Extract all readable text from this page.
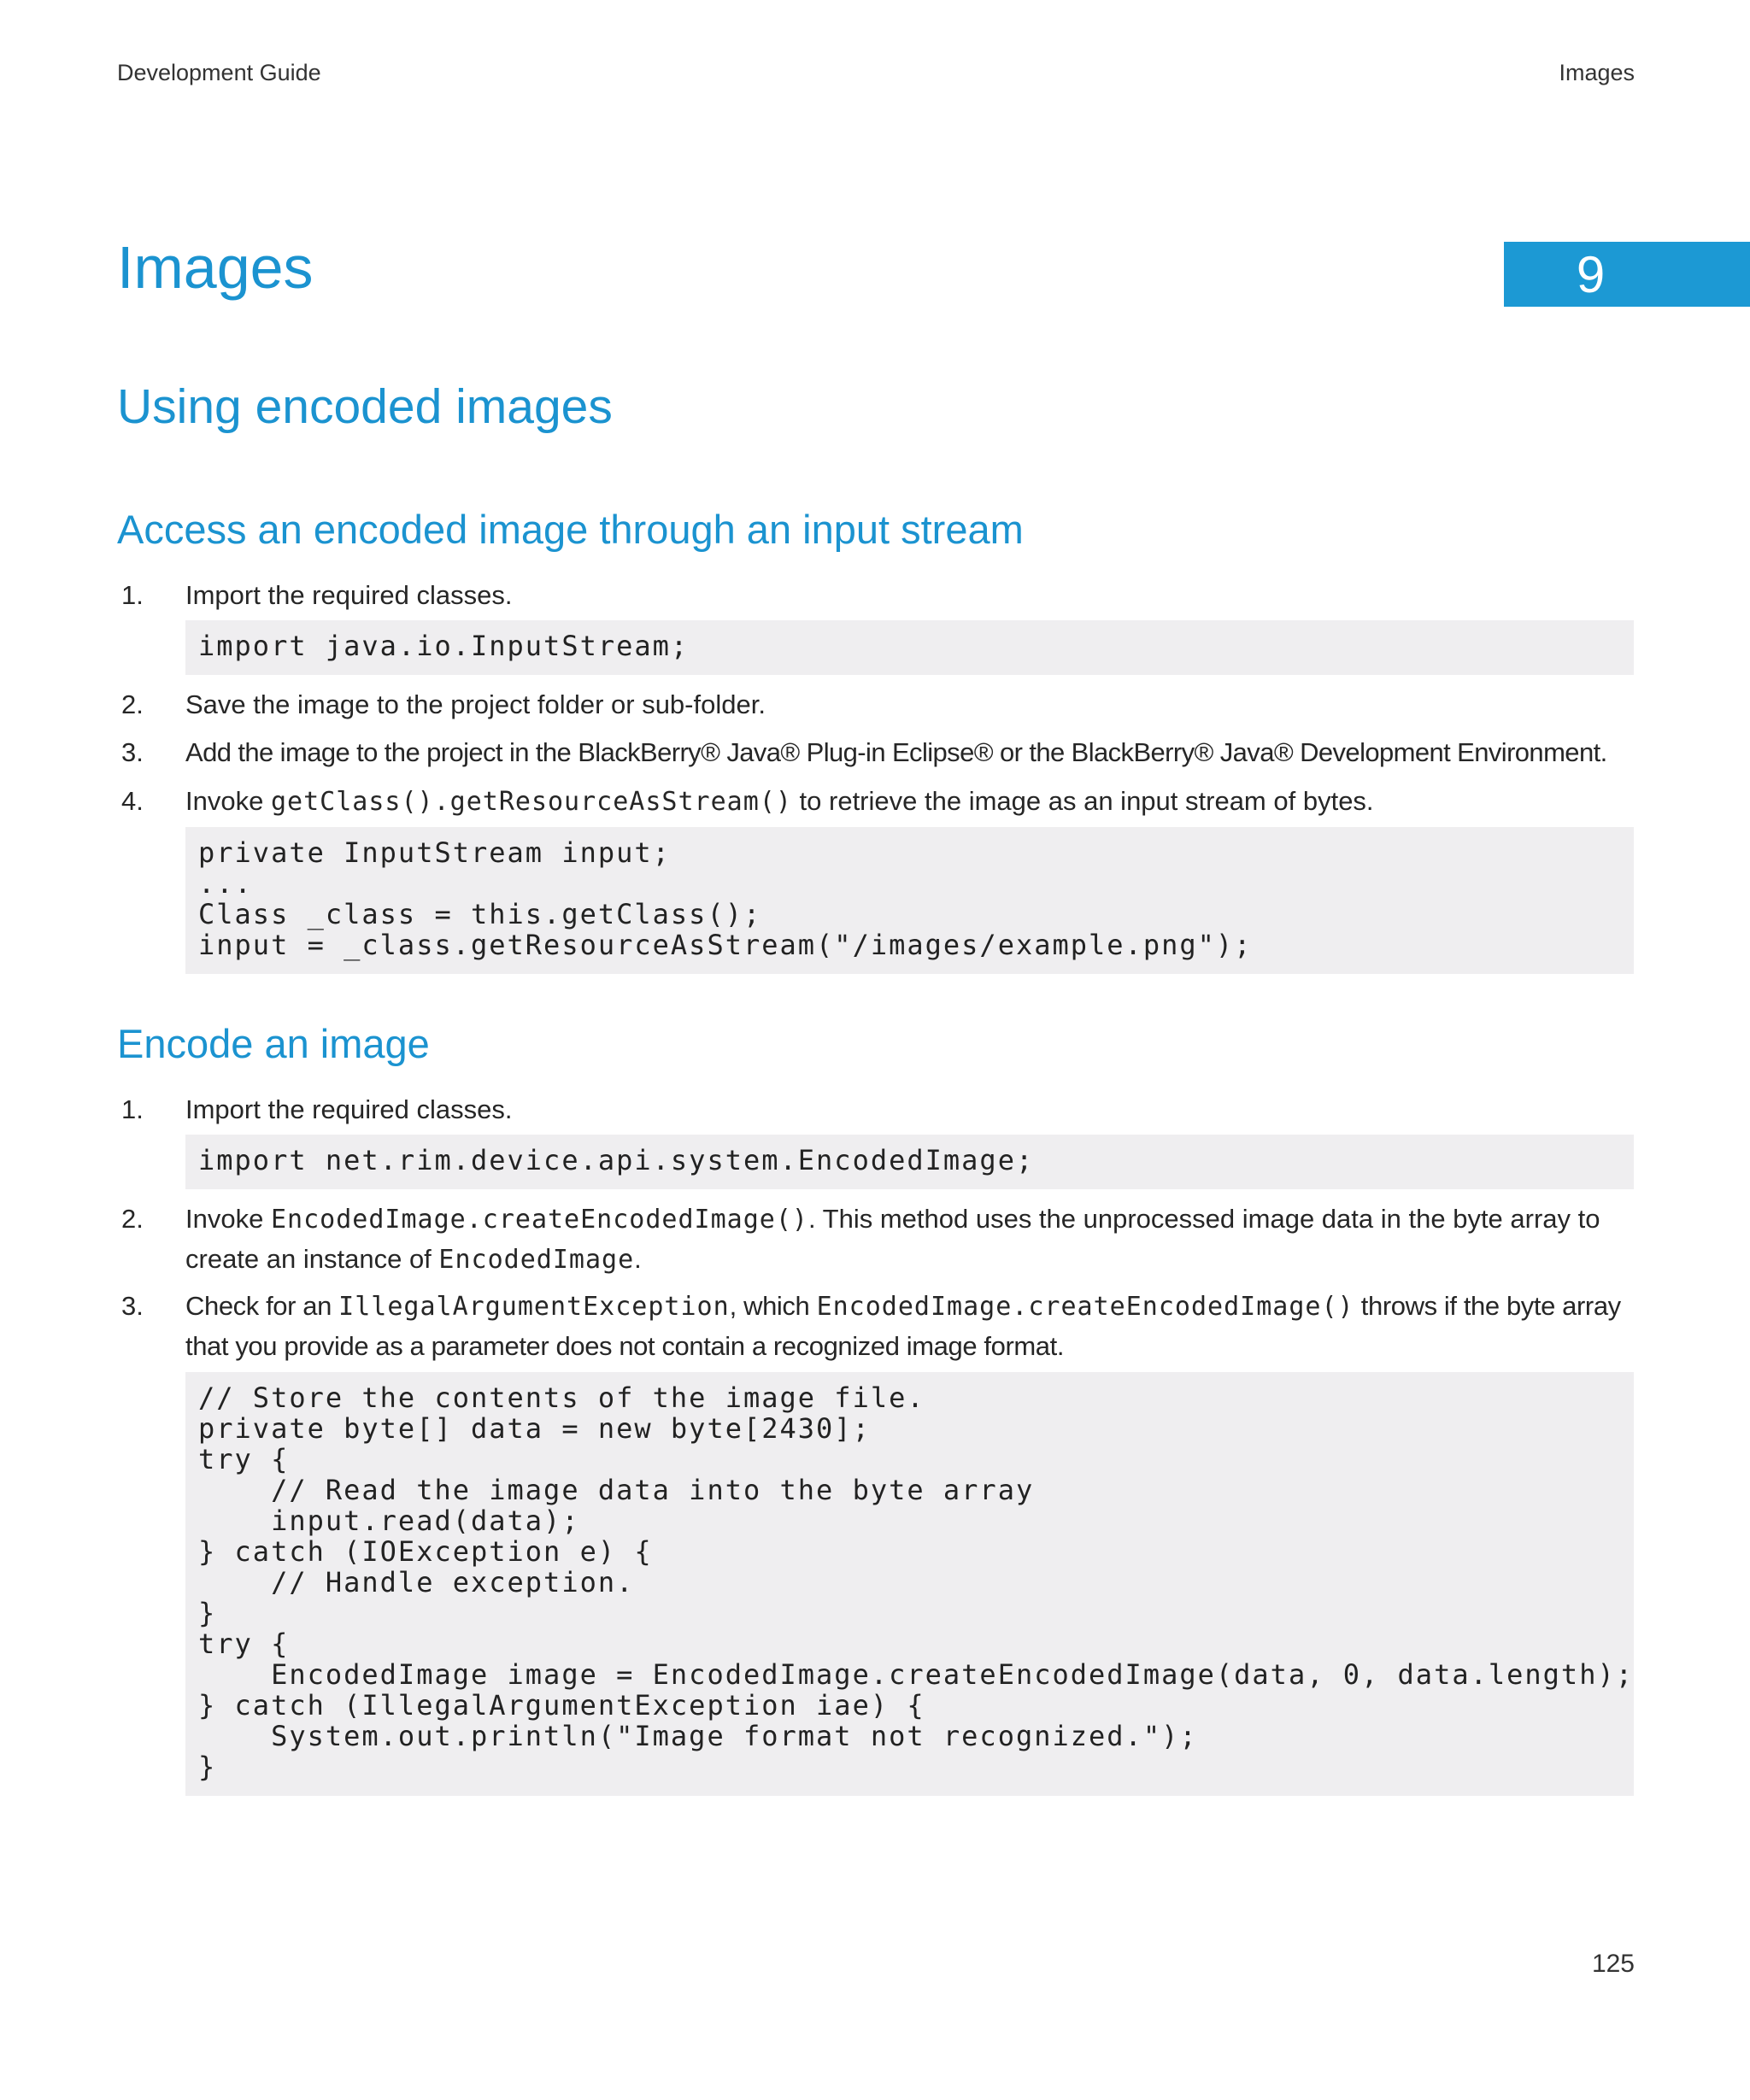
Development Guide	Images
Images	9
Using encoded images
Access an encoded image through an input stream
1. Import the required classes.
import java.io.InputStream;
2. Save the image to the project folder or sub-folder.
3. Add the image to the project in the BlackBerry® Java® Plug-in Eclipse® or the BlackBerry® Java® Development Environment.
4. Invoke getClass().getResourceAsStream() to retrieve the image as an input stream of bytes.
private InputStream input;
...
Class _class = this.getClass();
input = _class.getResourceAsStream("/images/example.png");
Encode an image
1. Import the required classes.
import net.rim.device.api.system.EncodedImage;
2. Invoke EncodedImage.createEncodedImage(). This method uses the unprocessed image data in the byte array to create an instance of EncodedImage.
3. Check for an IllegalArgumentException, which EncodedImage.createEncodedImage() throws if the byte array that you provide as a parameter does not contain a recognized image format.
// Store the contents of the image file.
private byte[] data = new byte[2430];
try {
// Read the image data into the byte array
input.read(data);
} catch (IOException e) {
// Handle exception.
}
try {
EncodedImage image = EncodedImage.createEncodedImage(data, 0, data.length);
} catch (IllegalArgumentException iae) {
System.out.println("Image format not recognized.");
}
125
